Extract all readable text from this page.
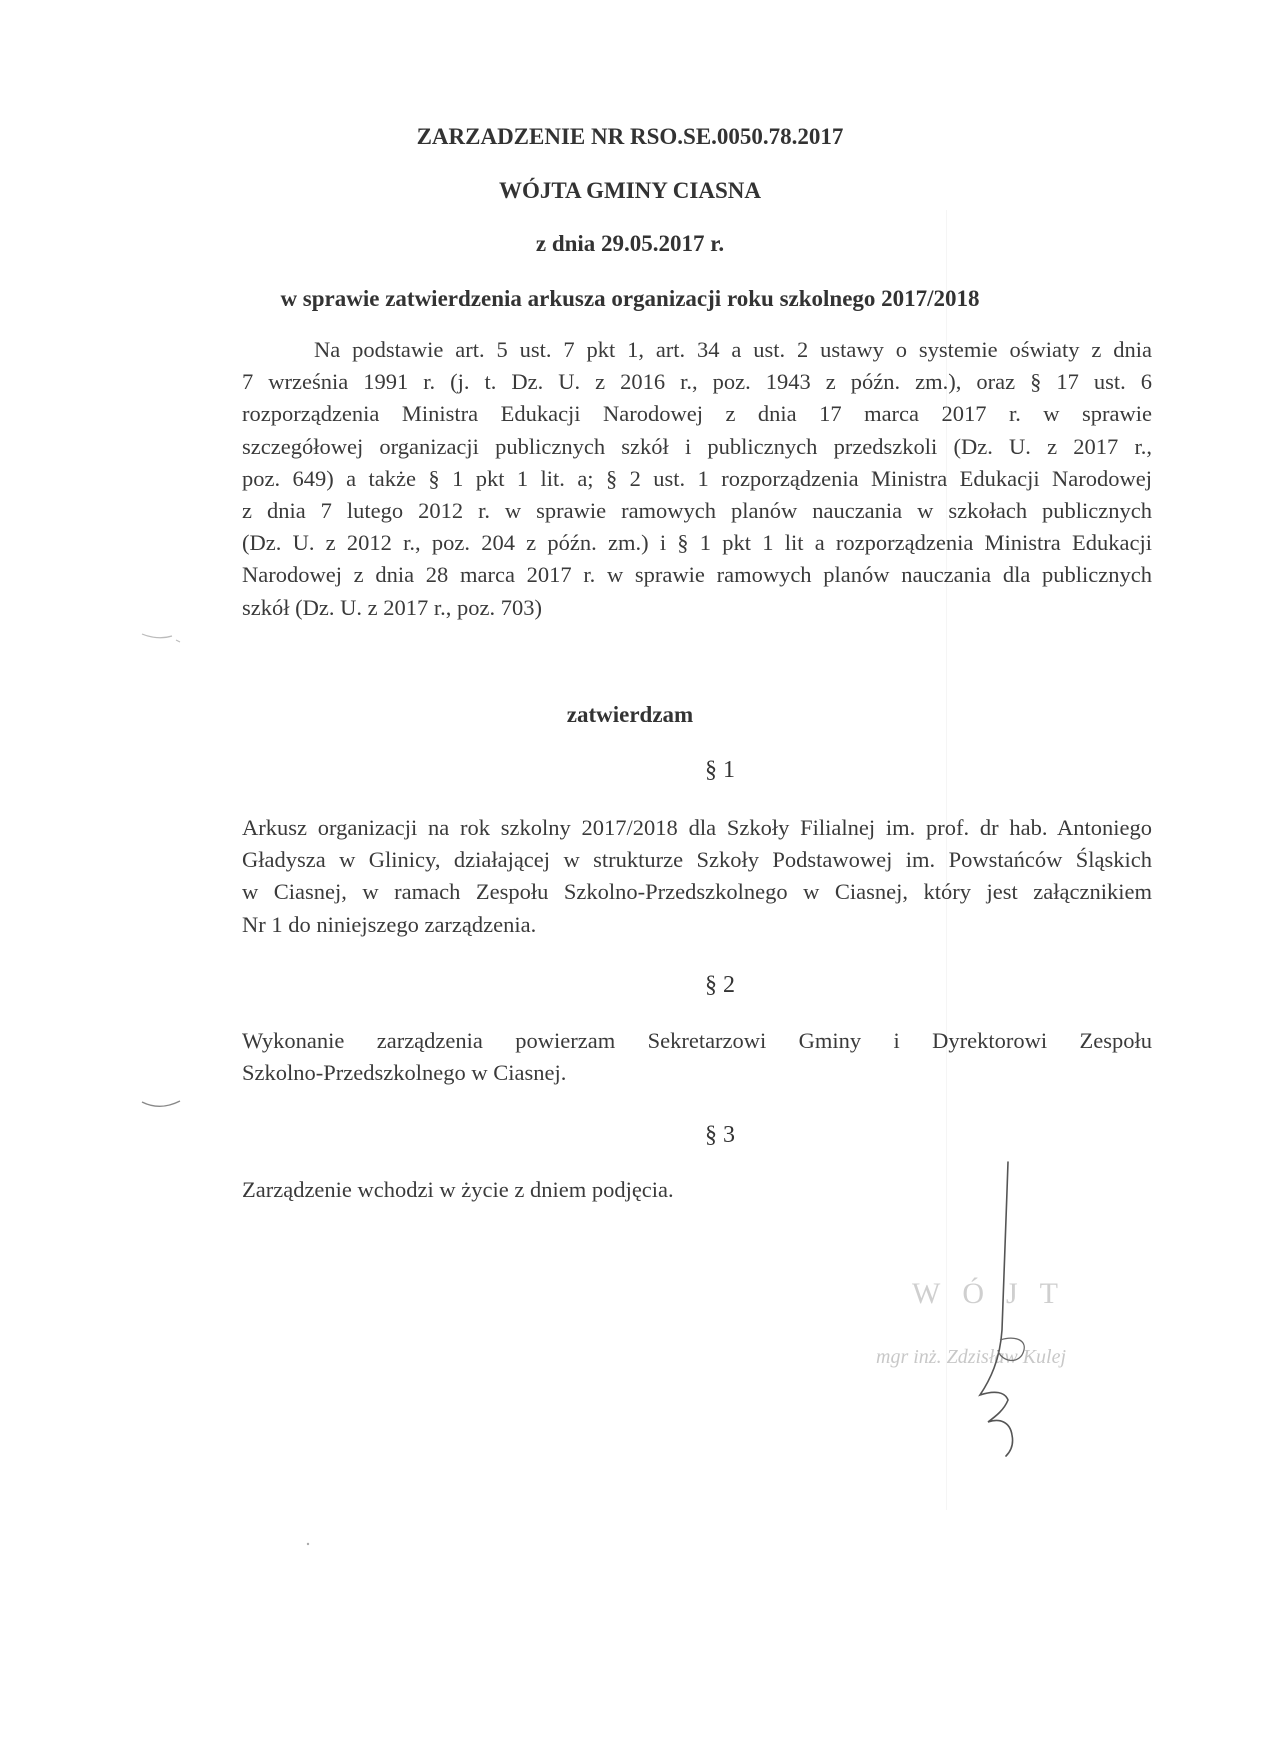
ZARZADZENIE NR RSO.SE.0050.78.2017
WÓJTA GMINY CIASNA
z dnia 29.05.2017 r.
w sprawie zatwierdzenia arkusza organizacji roku szkolnego 2017/2018
Na podstawie art. 5 ust. 7 pkt 1, art. 34 a ust. 2 ustawy o systemie oświaty z dnia
7 września 1991 r. (j. t. Dz. U. z 2016 r., poz. 1943 z późn. zm.), oraz § 17 ust. 6
rozporządzenia Ministra Edukacji Narodowej z dnia 17 marca 2017 r. w sprawie
szczegółowej organizacji publicznych szkół i publicznych przedszkoli (Dz. U. z 2017 r.,
poz. 649) a także § 1 pkt 1 lit. a; § 2 ust. 1 rozporządzenia Ministra Edukacji Narodowej
z dnia 7 lutego 2012 r. w sprawie ramowych planów nauczania w szkołach publicznych
(Dz. U. z 2012 r., poz. 204 z późn. zm.) i § 1 pkt 1 lit a rozporządzenia Ministra Edukacji
Narodowej z dnia 28 marca 2017 r. w sprawie ramowych planów nauczania dla publicznych
szkół (Dz. U. z 2017 r., poz. 703)
zatwierdzam
§ 1
Arkusz organizacji na rok szkolny 2017/2018 dla Szkoły Filialnej im. prof. dr hab. Antoniego
Gładysza w Glinicy, działającej w strukturze Szkoły Podstawowej im. Powstańców Śląskich
w Ciasnej, w ramach Zespołu Szkolno-Przedszkolnego w Ciasnej, który jest załącznikiem
Nr 1 do niniejszego zarządzenia.
§ 2
Wykonanie zarządzenia powierzam Sekretarzowi Gminy i Dyrektorowi Zespołu
Szkolno-Przedszkolnego w Ciasnej.
§ 3
Zarządzenie wchodzi w życie z dniem podjęcia.
WÓJT
mgr inż. Zdzisław Kulej
